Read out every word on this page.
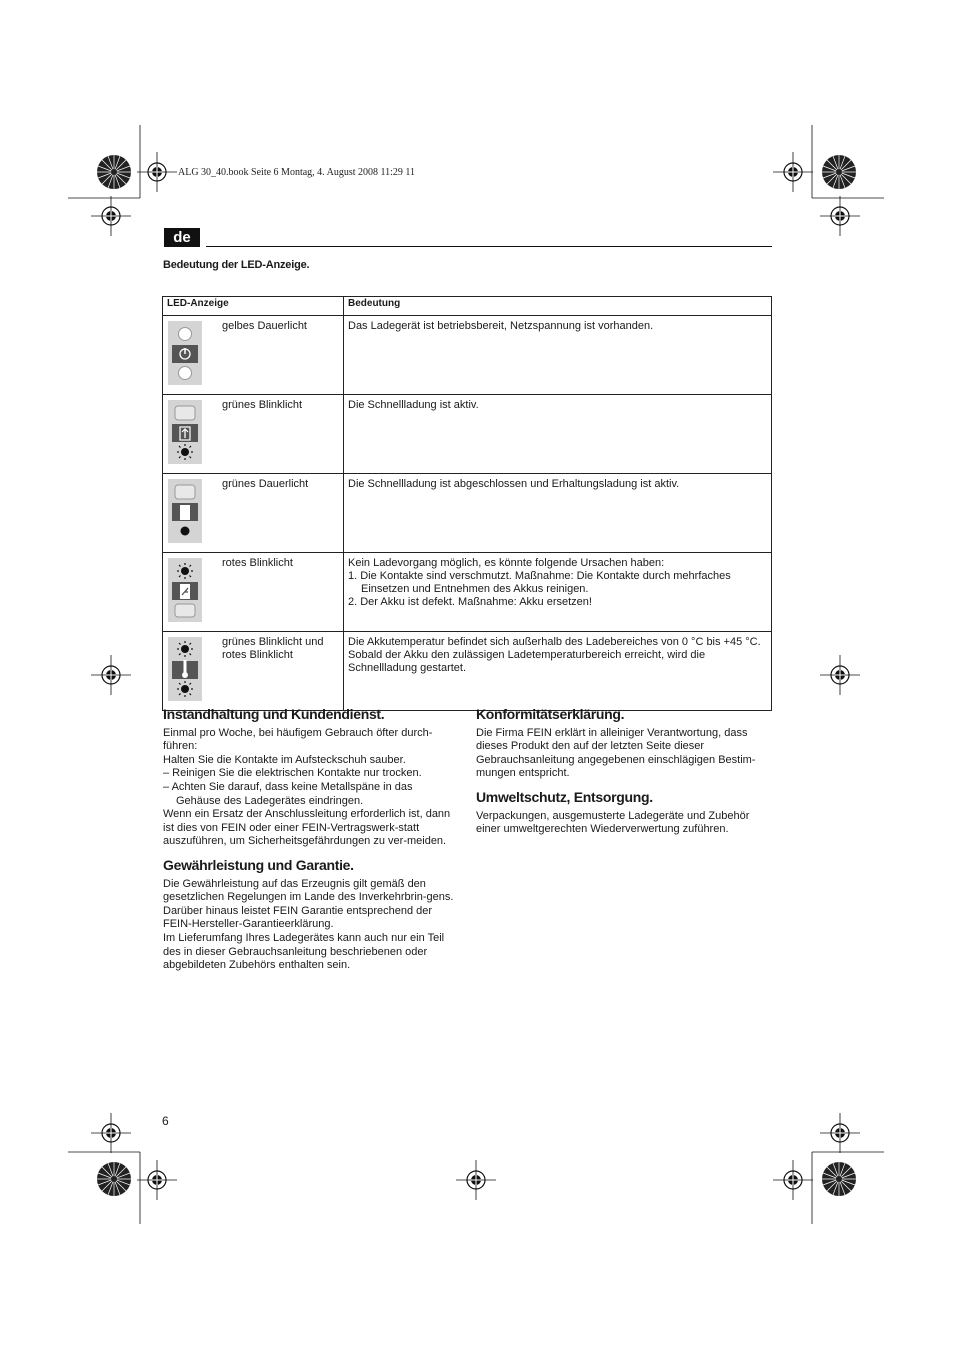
ALG 30_40.book Seite 6 Montag, 4. August 2008 11:29 11
de
Bedeutung der LED-Anzeige.
LED-Anzeige	Bedeutung

gelbes Dauerlicht	Das Ladegerät ist betriebsbereit, Netzspannung ist vorhanden.

grünes Blinklicht	Die Schnellladung ist aktiv.

grünes Dauerlicht	Die Schnellladung ist abgeschlossen und Erhaltungsladung ist aktiv.

rotes Blinklicht	Kein Ladevorgang möglich, es könnte folgende Ursachen haben:
1. Die Kontakte sind verschmutzt. Maßnahme: Die Kontakte durch mehrfaches Einsetzen und Entnehmen des Akkus reinigen.
2. Der Akku ist defekt. Maßnahme: Akku ersetzen!

grünes Blinklicht und rotes Blinklicht	Die Akkutemperatur befindet sich außerhalb des Ladebereiches von 0 °C bis +45 °C. Sobald der Akku den zulässigen Ladetemperaturbereich erreicht, wird die Schnellladung gestartet.
Instandhaltung und Kundendienst.

Einmal pro Woche, bei häufigem Gebrauch öfter durch-führen:

Halten Sie die Kontakte im Aufsteckschuh sauber.

– Reinigen Sie die elektrischen Kontakte nur trocken.

– Achten Sie darauf, dass keine Metallspäne in das Gehäuse des Ladegerätes eindringen.

Wenn ein Ersatz der Anschlussleitung erforderlich ist, dann ist dies von FEIN oder einer FEIN-Vertragswerk-statt auszuführen, um Sicherheitsgefährdungen zu ver-meiden.

Gewährleistung und Garantie.

Die Gewährleistung auf das Erzeugnis gilt gemäß den gesetzlichen Regelungen im Lande des Inverkehrbrin-gens. Darüber hinaus leistet FEIN Garantie entsprechend der FEIN-Hersteller-Garantieerklärung.

Im Lieferumfang Ihres Ladegerätes kann auch nur ein Teil des in dieser Gebrauchsanleitung beschriebenen oder abgebildeten Zubehörs enthalten sein.

Konformitätserklärung.

Die Firma FEIN erklärt in alleiniger Verantwortung, dass dieses Produkt den auf der letzten Seite dieser Gebrauchsanleitung angegebenen einschlägigen Bestim-mungen entspricht.

Umweltschutz, Entsorgung.

Verpackungen, ausgemusterte Ladegeräte und Zubehör einer umweltgerechten Wiederverwertung zuführen.

6
